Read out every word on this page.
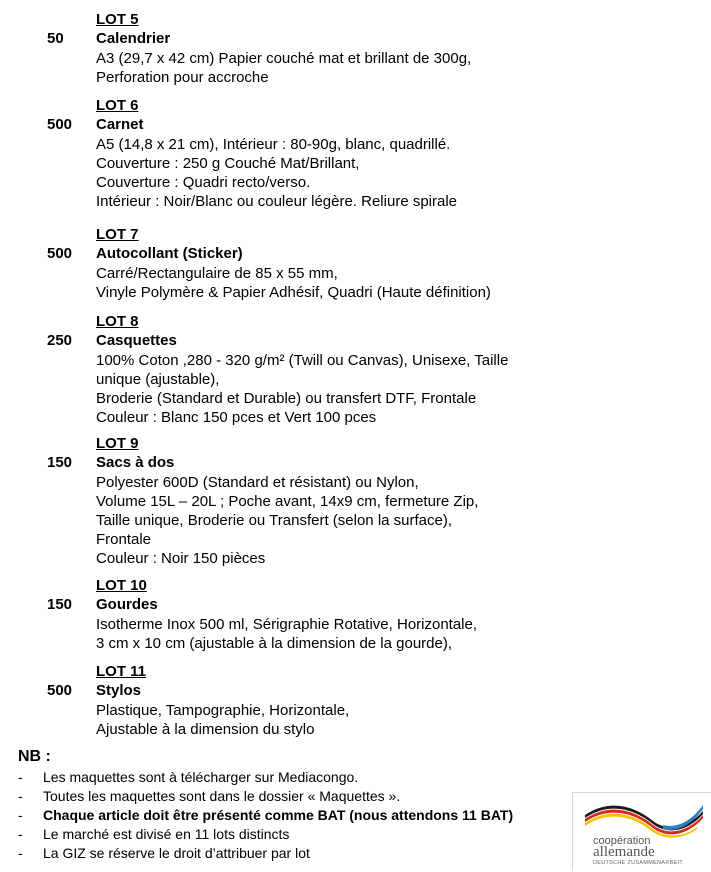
LOT 5
50 Calendrier
A3 (29,7 x 42 cm) Papier couché mat et brillant de 300g,
Perforation pour accroche
LOT 6
500 Carnet
A5 (14,8 x 21 cm), Intérieur : 80-90g, blanc, quadrillé.
Couverture : 250 g Couché Mat/Brillant,
Couverture : Quadri recto/verso.
Intérieur : Noir/Blanc ou couleur légère. Reliure spirale
LOT 7
500 Autocollant (Sticker)
Carré/Rectangulaire de 85 x 55 mm,
Vinyle Polymère & Papier Adhésif, Quadri (Haute définition)
LOT 8
250 Casquettes
100% Coton ,280 - 320 g/m² (Twill ou Canvas), Unisexe, Taille
unique (ajustable),
Broderie (Standard et Durable) ou transfert DTF, Frontale
Couleur : Blanc 150 pces et Vert 100 pces
LOT 9
150 Sacs à dos
Polyester 600D (Standard et résistant) ou Nylon,
Volume 15L – 20L ; Poche avant, 14x9 cm, fermeture Zip,
Taille unique, Broderie ou Transfert (selon la surface),
Frontale
Couleur : Noir 150 pièces
LOT 10
150 Gourdes
Isotherme Inox 500 ml, Sérigraphie Rotative, Horizontale,
3 cm x 10 cm (ajustable à la dimension de la gourde),
LOT 11
500 Stylos
Plastique, Tampographie, Horizontale,
Ajustable à la dimension du stylo
NB :
- Les maquettes sont à télécharger sur Mediacongo.
- Toutes les maquettes sont dans le dossier « Maquettes ».
- Chaque article doit être présenté comme BAT (nous attendons 11 BAT)
- Le marché est divisé en 11 lots distincts
- La GIZ se réserve le droit d’attribuer par lot
coopération
allemande
DEUTSCHE ZUSAMMENARBEIT
